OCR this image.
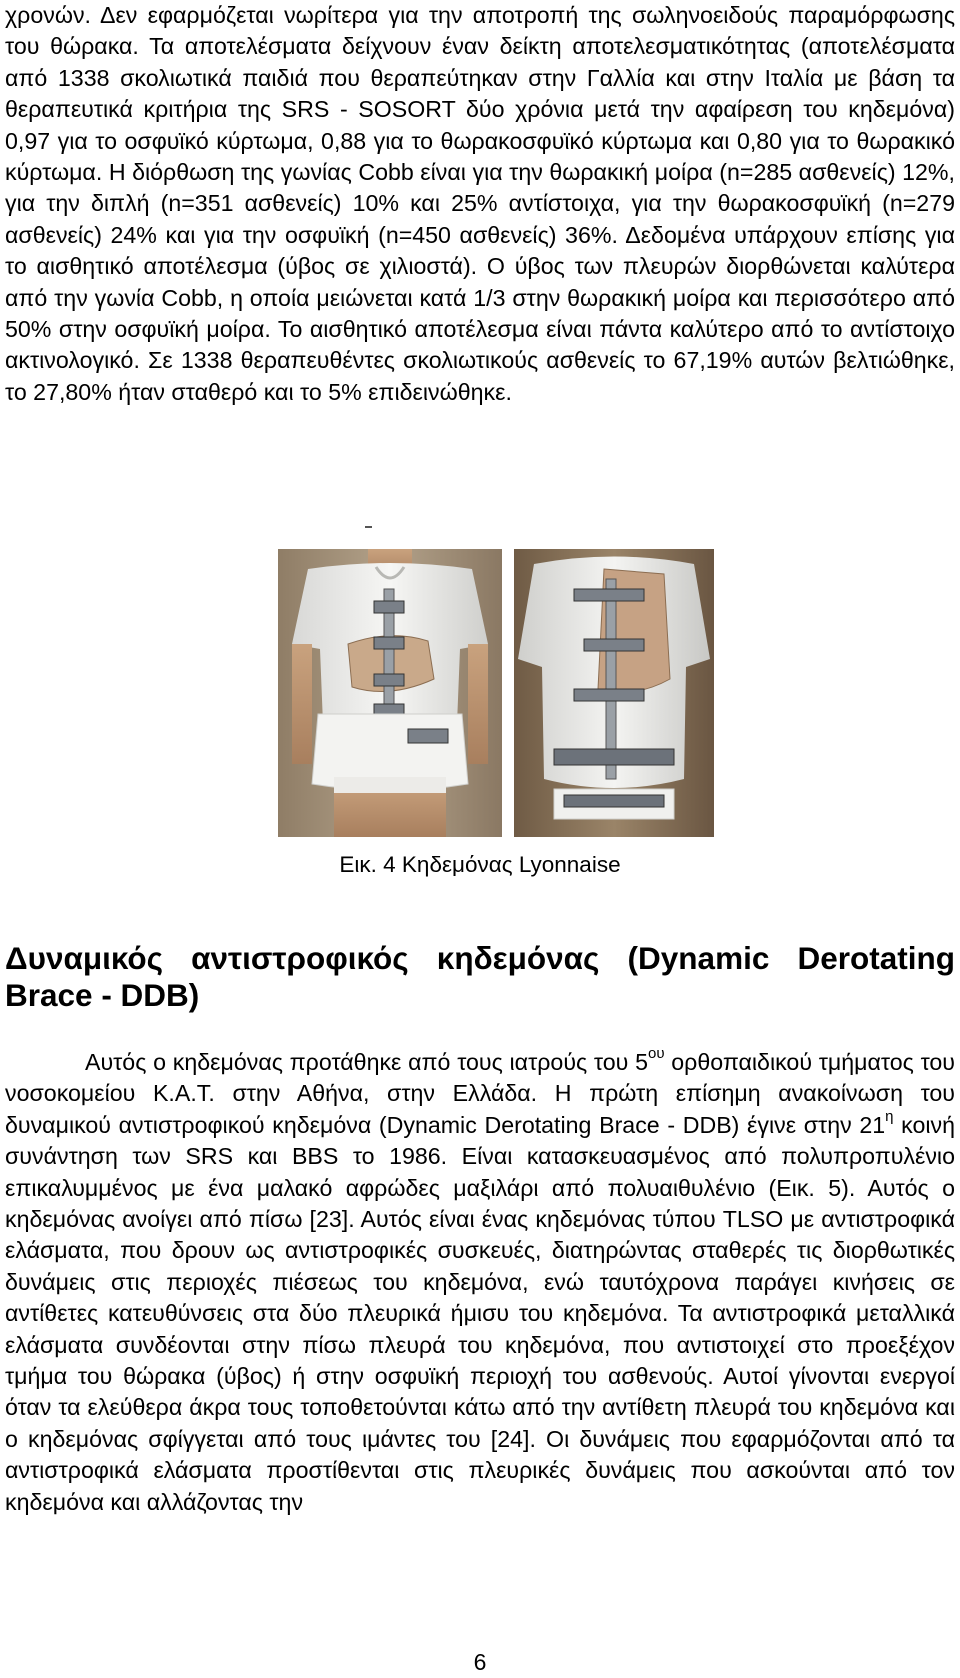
χρονών. Δεν εφαρμόζεται νωρίτερα για την αποτροπή της σωληνοειδούς παραμόρφωσης του θώρακα. Τα αποτελέσματα δείχνουν έναν δείκτη αποτελεσματικότητας (αποτελέσματα από 1338 σκολιωτικά παιδιά που θεραπεύτηκαν στην Γαλλία και στην Ιταλία με βάση τα θεραπευτικά κριτήρια της SRS - SOSORT δύο χρόνια μετά την αφαίρεση του κηδεμόνα) 0,97 για το οσφυϊκό κύρτωμα, 0,88 για το θωρακοσφυϊκό κύρτωμα και 0,80 για το θωρακικό κύρτωμα. Η διόρθωση της γωνίας Cobb είναι για την θωρακική μοίρα (n=285 ασθενείς) 12%, για την διπλή (n=351 ασθενείς) 10% και 25% αντίστοιχα, για την θωρακοσφυϊκή (n=279 ασθενείς) 24% και για την οσφυϊκή (n=450 ασθενείς) 36%. Δεδομένα υπάρχουν επίσης για το αισθητικό αποτέλεσμα (ύβος σε χιλιοστά). Ο ύβος των πλευρών διορθώνεται καλύτερα από την γωνία Cobb, η οποία μειώνεται κατά 1/3 στην θωρακική μοίρα και περισσότερο από 50% στην οσφυϊκή μοίρα. Το αισθητικό αποτέλεσμα είναι πάντα καλύτερο από το αντίστοιχο ακτινολογικό. Σε 1338 θεραπευθέντες σκολιωτικούς ασθενείς το 67,19% αυτών βελτιώθηκε, το 27,80% ήταν σταθερό και το 5% επιδεινώθηκε.

Εικ. 4 Κηδεμόνας Lyonnaise
Δυναμικός αντιστροφικός κηδεμόνας (Dynamic Derotating Brace - DDB)

Αυτός ο κηδεμόνας προτάθηκε από τους ιατρούς του $5^{o\upsilon}$ ορθοπαιδικού τμήματος του νοσοκομείου Κ.Α.Τ. στην Αθήνα, στην Ελλάδα. Η πρώτη επίσημη ανακοίνωση του δυναμικού αντιστροφικού κηδεμόνα (Dynamic Derotating Brace - DDB) έγινε στην $21^\eta$ κοινή συνάντηση των SRS και BBS το 1986. Είναι κατασκευασμένος από πολυπροπυλένιο επικαλυμμένος με ένα μαλακό αφρώδες μαξιλάρι από πολυαιθυλένιο (Εικ. 5). Αυτός ο κηδεμόνας ανοίγει από πίσω [23]. Αυτός είναι ένας κηδεμόνας τύπου TLSO με αντιστροφικά ελάσματα, που δρουν ως αντιστροφικές συσκευές, διατηρώντας σταθερές τις διορθωτικές δυνάμεις στις περιοχές πιέσεως του κηδεμόνα, ενώ ταυτόχρονα παράγει κινήσεις σε αντίθετες κατευθύνσεις στα δύο πλευρικά ήμισυ του κηδεμόνα. Τα αντιστροφικά μεταλλικά ελάσματα συνδέονται στην πίσω πλευρά του κηδεμόνα, που αντιστοιχεί στο προεξέχον τμήμα του θώρακα (ύβος) ή στην οσφυϊκή περιοχή του ασθενούς. Αυτοί γίνονται ενεργοί όταν τα ελεύθερα άκρα τους τοποθετούνται κάτω από την αντίθετη πλευρά του κηδεμόνα και ο κηδεμόνας σφίγγεται από τους ιμάντες του [24]. Οι δυνάμεις που εφαρμόζονται από τα αντιστροφικά ελάσματα προστίθενται στις πλευρικές δυνάμεις που ασκούνται από τον κηδεμόνα και αλλάζοντας την

6
